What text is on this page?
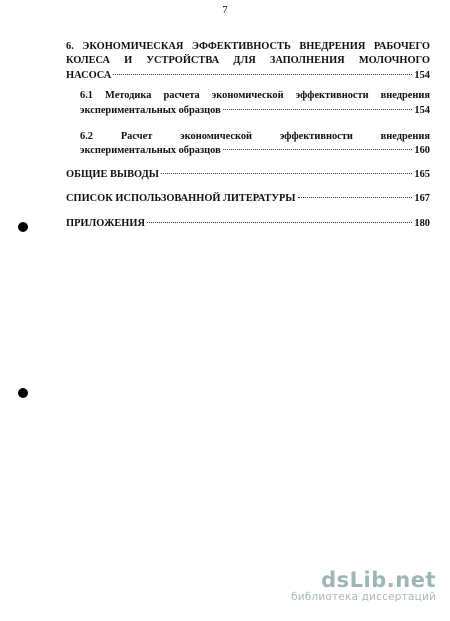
7
6. ЭКОНОМИЧЕСКАЯ ЭФФЕКТИВНОСТЬ ВНЕДРЕНИЯ РАБОЧЕГО
КОЛЕСА И УСТРОЙСТВА ДЛЯ ЗАПОЛНЕНИЯ МОЛОЧНОГО
НАСОСА	154
6.1 Методика расчета экономической эффективности внедрения
экспериментальных образцов	154
6.2 Расчет экономической эффективности внедрения
экспериментальных образцов	160
ОБЩИЕ ВЫВОДЫ	165
СПИСОК ИСПОЛЬЗОВАННОЙ ЛИТЕРАТУРЫ	167
ПРИЛОЖЕНИЯ	180
dsLib.net
библиотека диссертаций
